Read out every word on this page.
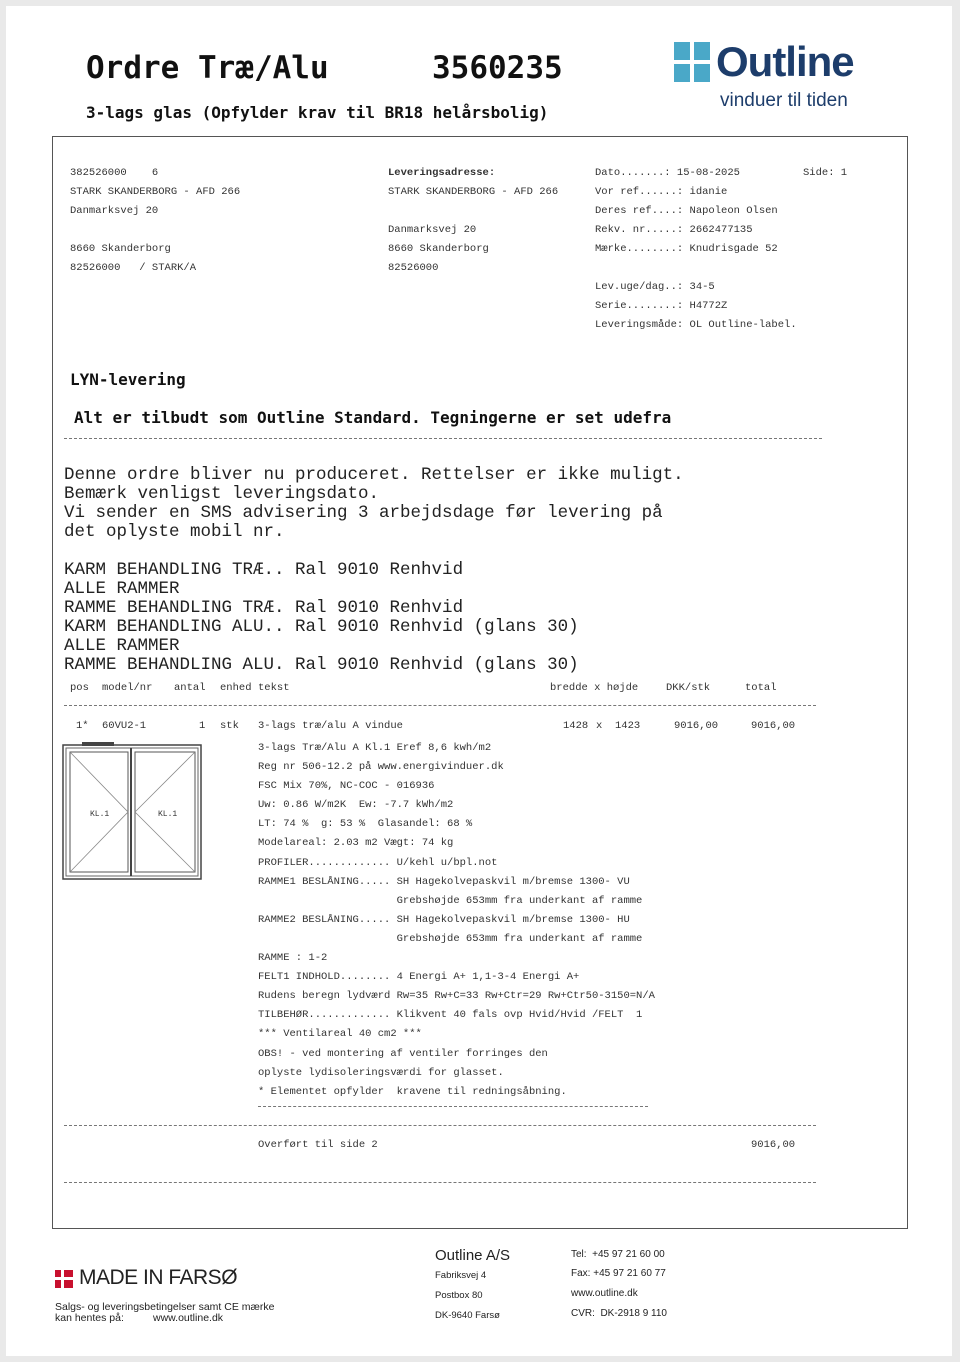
Ordre Træ/Alu	3560235
3-lags glas (Opfylder krav til BR18 helårsbolig)

Outline
vinduer til tiden
382526000    6
STARK SKANDERBORG - AFD 266
Danmarksvej 20
8660 Skanderborg
82526000   / STARK/A
Leveringsadresse:
STARK SKANDERBORG - AFD 266
Danmarksvej 20
8660 Skanderborg
82526000
Dato.......: 15-08-2025	Side: 1
Vor ref......: idanie
Deres ref....: Napoleon Olsen
Rekv. nr.....: 2662477135
Mærke........: Knudrisgade 52
Lev.uge/dag..: 34-5
Serie........: H4772Z
Leveringsmåde: OL Outline-label.
LYN-levering
Alt er tilbudt som Outline Standard. Tegningerne er set udefra
Denne ordre bliver nu produceret. Rettelser er ikke muligt.
Bemærk venligst leveringsdato.
Vi sender en SMS advisering 3 arbejdsdage før levering på
det oplyste mobil nr.
KARM BEHANDLING TRÆ.. Ral 9010 Renhvid
ALLE RAMMER
RAMME BEHANDLING TRÆ. Ral 9010 Renhvid
KARM BEHANDLING ALU.. Ral 9010 Renhvid (glans 30)
ALLE RAMMER
RAMME BEHANDLING ALU. Ral 9010 Renhvid (glans 30)
pos model/nr antal enhed tekst	bredde x højde	DKK/stk	total
1* 60VU2-1	1 stk 3-lags træ/alu A vindue	1428 x 1423	9016,00	9016,00
KL.1	KL.1
3-lags Træ/Alu A Kl.1 Eref 8,6 kwh/m2
Reg nr 506-12.2 på www.energivinduer.dk
FSC Mix 70%, NC-COC - 016936
Uw: 0.86 W/m2K  Ew: -7.7 kWh/m2
LT: 74 %  g: 53 %  Glasandel: 68 %
Modelareal: 2.03 m2 Vægt: 74 kg
PROFILER............. U/kehl u/bpl.not
RAMME1 BESLÅNING..... SH Hagekolvepaskvil m/bremse 1300- VU
Grebshøjde 653mm fra underkant af ramme
RAMME2 BESLÅNING..... SH Hagekolvepaskvil m/bremse 1300- HU
Grebshøjde 653mm fra underkant af ramme
RAMME : 1-2
FELT1 INDHOLD........ 4 Energi A+ 1,1-3-4 Energi A+
Rudens beregn lydværd Rw=35 Rw+C=33 Rw+Ctr=29 Rw+Ctr50-3150=N/A
TILBEHØR............. Klikvent 40 fals ovp Hvid/Hvid /FELT  1
*** Ventilareal 40 cm2 ***
OBS! - ved montering af ventiler forringes den
oplyste lydisoleringsværdi for glasset.
* Elementet opfylder  kravene til redningsåbning.
Overført til side 2	9016,00

MADE IN FARSØ
Salgs- og leveringsbetingelser samt CE mærke
kan hentes på:	www.outline.dk
Outline A/S
Fabriksvej 4
Postbox 80
DK-9640 Farsø
Tel:  +45 97 21 60 00
Fax: +45 97 21 60 77
www.outline.dk
CVR:  DK-2918 9 110
